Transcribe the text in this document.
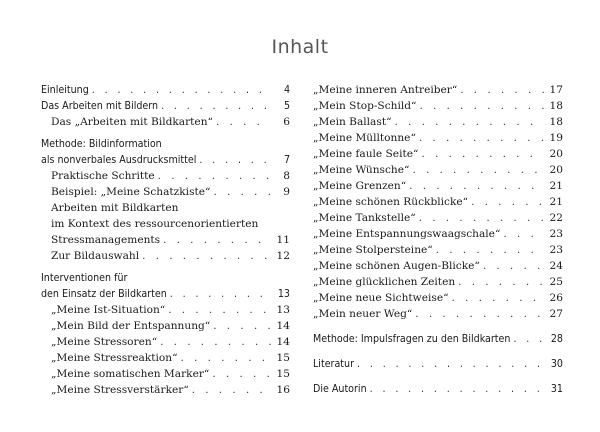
Inhalt
Einleitung . . .	4
Das Arbeiten mit Bildern . . .	5
Das „Arbeiten mit Bildkarten“ . . .	6
Methode: Bildinformation
als nonverbales Ausdrucksmittel . . .	7
Praktische Schritte . . .	8
Beispiel: „Meine Schatzkiste“ . . .	9
Arbeiten mit Bildkarten
im Kontext des ressourcenorientierten
Stressmanagements . . .	11
Zur Bildauswahl . . .	12
Interventionen für
den Einsatz der Bildkarten . . .	13
„Meine Ist-Situation“ . . .	13
„Mein Bild der Entspannung“ . . .	14
„Meine Stressoren“ . . .	14
„Meine Stressreaktion“ . . .	15
„Meine somatischen Marker“ . . .	15
„Meine Stressverstärker“ . . .	16
„Meine inneren Antreiber“ . . .	17
„Mein Stop-Schild“ . . .	18
„Mein Ballast“ . . .	18
„Meine Mülltonne“ . . .	19
„Meine faule Seite“ . . .	20
„Meine Wünsche“ . . .	20
„Meine Grenzen“ . . .	21
„Meine schönen Rückblicke“ . . .	21
„Meine Tankstelle“ . . .	22
„Meine Entspannungswaagschale“ . . .	23
„Meine Stolpersteine“ . . .	23
„Meine schönen Augen-Blicke“ . . .	24
„Meine glücklichen Zeiten . . .	25
„Meine neue Sichtweise“ . . .	26
„Mein neuer Weg“ . . .	27
Methode: Impulsfragen zu den Bildkarten . . .	28
Literatur . . .	30
Die Autorin . . .	31
